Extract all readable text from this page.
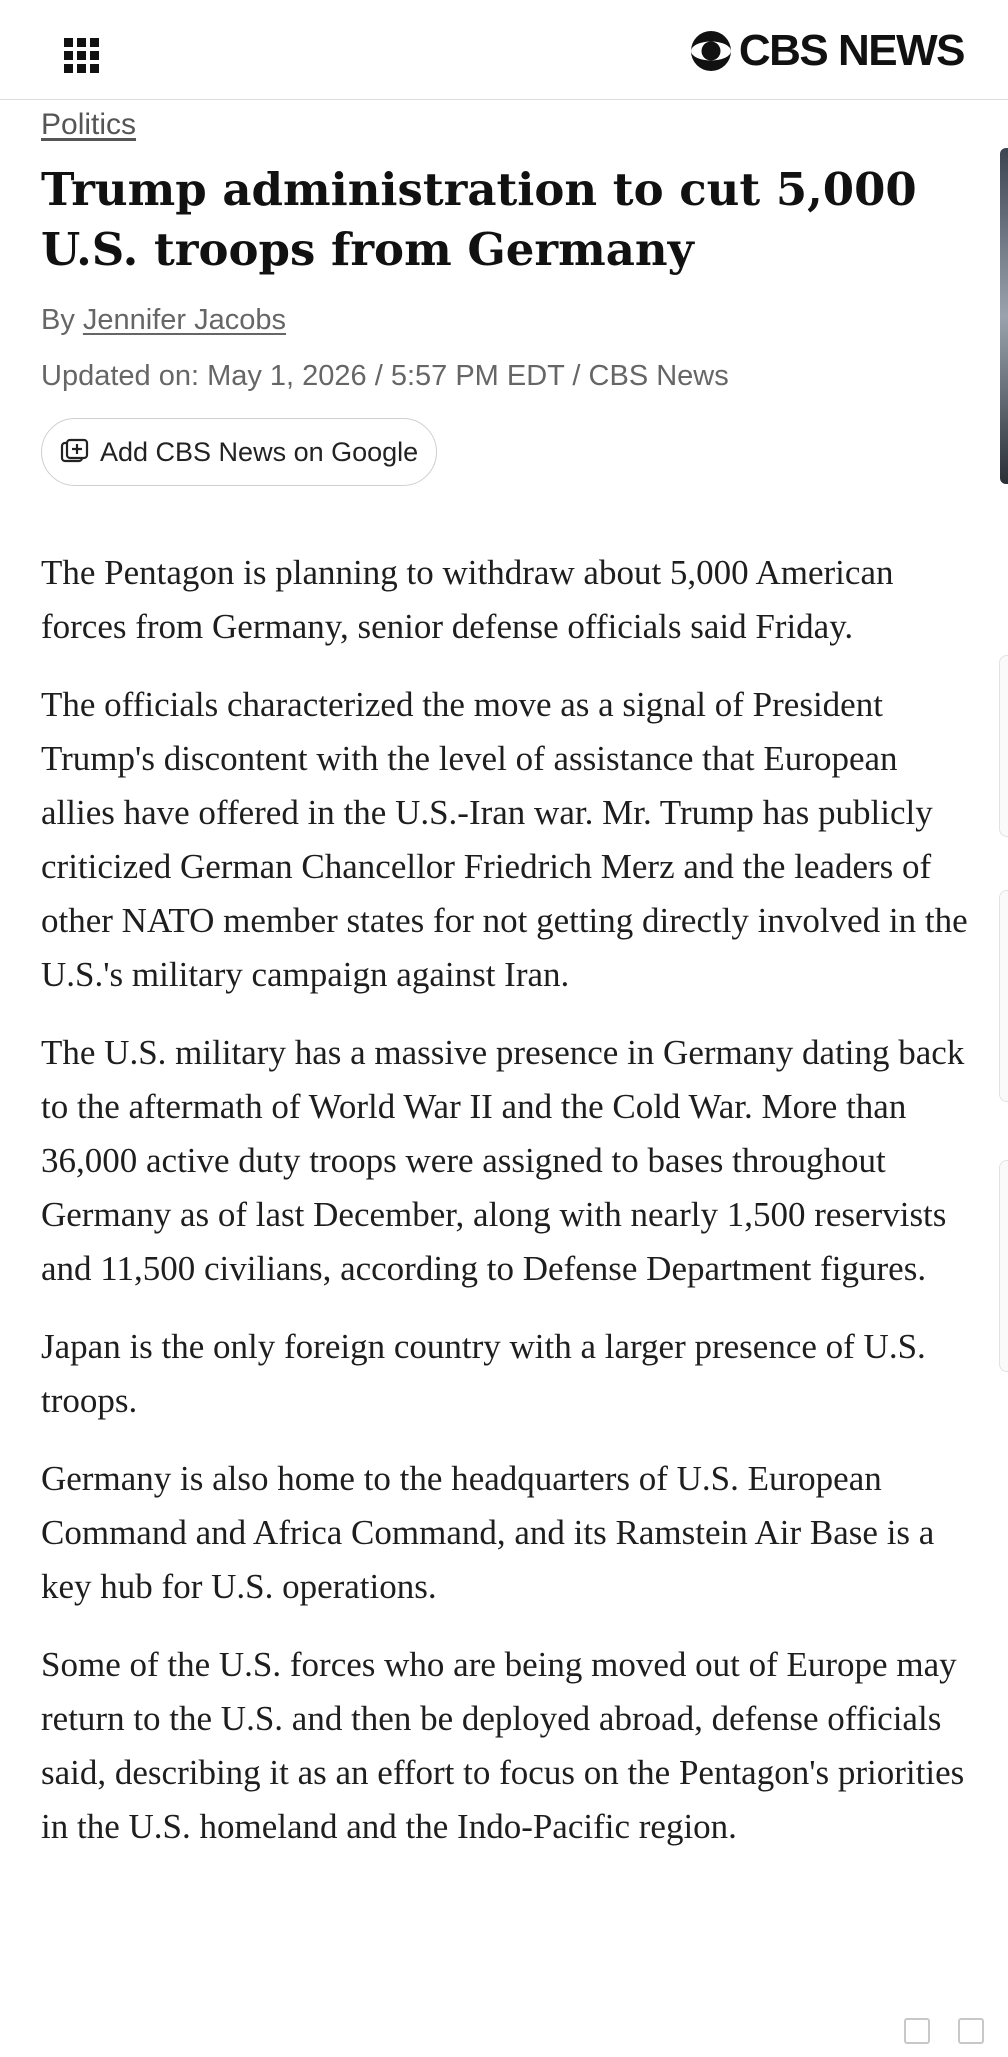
CBS NEWS
Politics
Trump administration to cut 5,000
U.S. troops from Germany
By Jennifer Jacobs
Updated on: May 1, 2026 / 5:57 PM EDT / CBS News
Add CBS News on Google

The Pentagon is planning to withdraw about 5,000 American forces from Germany, senior defense officials said Friday.

The officials characterized the move as a signal of President Trump's discontent with the level of assistance that European allies have offered in the U.S.-Iran war. Mr. Trump has publicly criticized German Chancellor Friedrich Merz and the leaders of other NATO member states for not getting directly involved in the U.S.'s military campaign against Iran.

The U.S. military has a massive presence in Germany dating back to the aftermath of World War II and the Cold War. More than 36,000 active duty troops were assigned to bases throughout Germany as of last December, along with nearly 1,500 reservists and 11,500 civilians, according to Defense Department figures.

Japan is the only foreign country with a larger presence of U.S. troops.

Germany is also home to the headquarters of U.S. European Command and Africa Command, and its Ramstein Air Base is a key hub for U.S. operations.

Some of the U.S. forces who are being moved out of Europe may return to the U.S. and then be deployed abroad, defense officials said, describing it as an effort to focus on the Pentagon's priorities in the U.S. homeland and the Indo-Pacific region.
